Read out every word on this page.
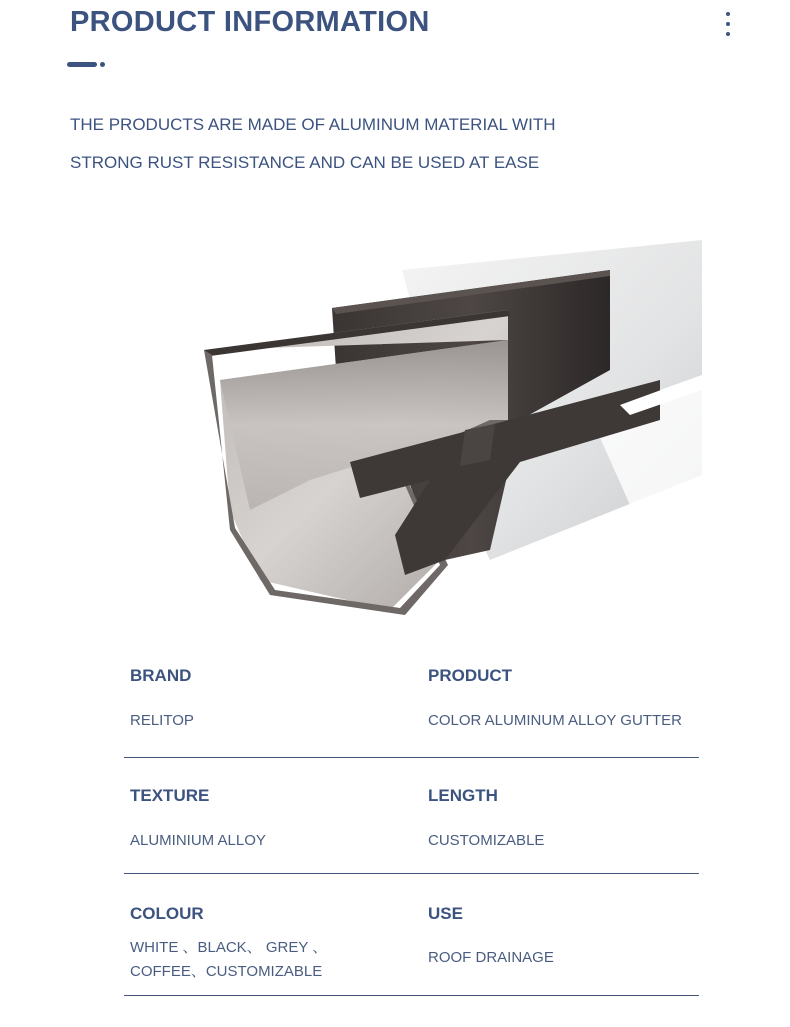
PRODUCT INFORMATION
THE PRODUCTS ARE MADE OF ALUMINUM MATERIAL WITH
STRONG RUST RESISTANCE AND CAN BE USED AT EASE
BRAND
RELITOP
PRODUCT
COLOR ALUMINUM ALLOY GUTTER
TEXTURE
ALUMINIUM ALLOY
LENGTH
CUSTOMIZABLE
COLOUR
WHITE 、BLACK、 GREY 、
COFFEE、CUSTOMIZABLE
USE
ROOF DRAINAGE
